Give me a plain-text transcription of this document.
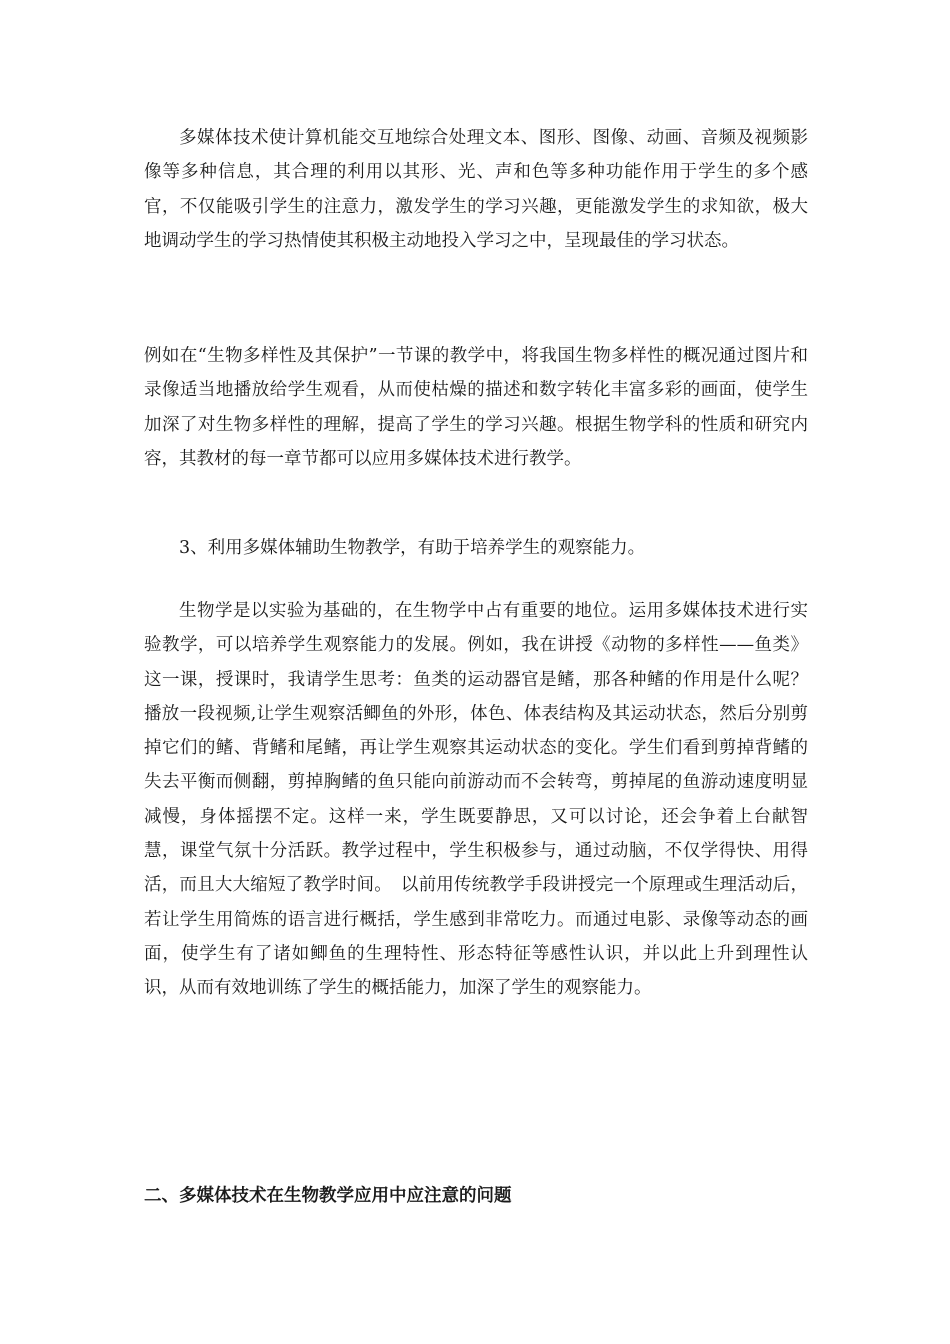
多媒体技术使计算机能交互地综合处理文本、图形、图像、动画、音频及视频影像等多种信息，其合理的利用以其形、光、声和色等多种功能作用于学生的多个感官，不仅能吸引学生的注意力，激发学生的学习兴趣，更能激发学生的求知欲，极大地调动学生的学习热情使其积极主动地投入学习之中，呈现最佳的学习状态。

例如在“生物多样性及其保护”一节课的教学中，将我国生物多样性的概况通过图片和录像适当地播放给学生观看，从而使枯燥的描述和数字转化丰富多彩的画面，使学生加深了对生物多样性的理解，提高了学生的学习兴趣。根据生物学科的性质和研究内容，其教材的每一章节都可以应用多媒体技术进行教学。

3、利用多媒体辅助生物教学，有助于培养学生的观察能力。

生物学是以实验为基础的，在生物学中占有重要的地位。运用多媒体技术进行实验教学，可以培养学生观察能力的发展。例如，我在讲授《动物的多样性——鱼类》这一课，授课时，我请学生思考：鱼类的运动器官是鳍，那各种鳍的作用是什么呢？播放一段视频,让学生观察活鲫鱼的外形，体色、体表结构及其运动状态，然后分别剪掉它们的鳍、背鳍和尾鳍，再让学生观察其运动状态的变化。学生们看到剪掉背鳍的失去平衡而侧翻，剪掉胸鳍的鱼只能向前游动而不会转弯，剪掉尾的鱼游动速度明显减慢，身体摇摆不定。这样一来，学生既要静思，又可以讨论，还会争着上台献智慧，课堂气氛十分活跃。教学过程中，学生积极参与，通过动脑，不仅学得快、用得活，而且大大缩短了教学时间。　以前用传统教学手段讲授完一个原理或生理活动后，若让学生用简炼的语言进行概括，学生感到非常吃力。而通过电影、录像等动态的画面，使学生有了诸如鲫鱼的生理特性、形态特征等感性认识，并以此上升到理性认识，从而有效地训练了学生的概括能力，加深了学生的观察能力。

二、多媒体技术在生物教学应用中应注意的问题
